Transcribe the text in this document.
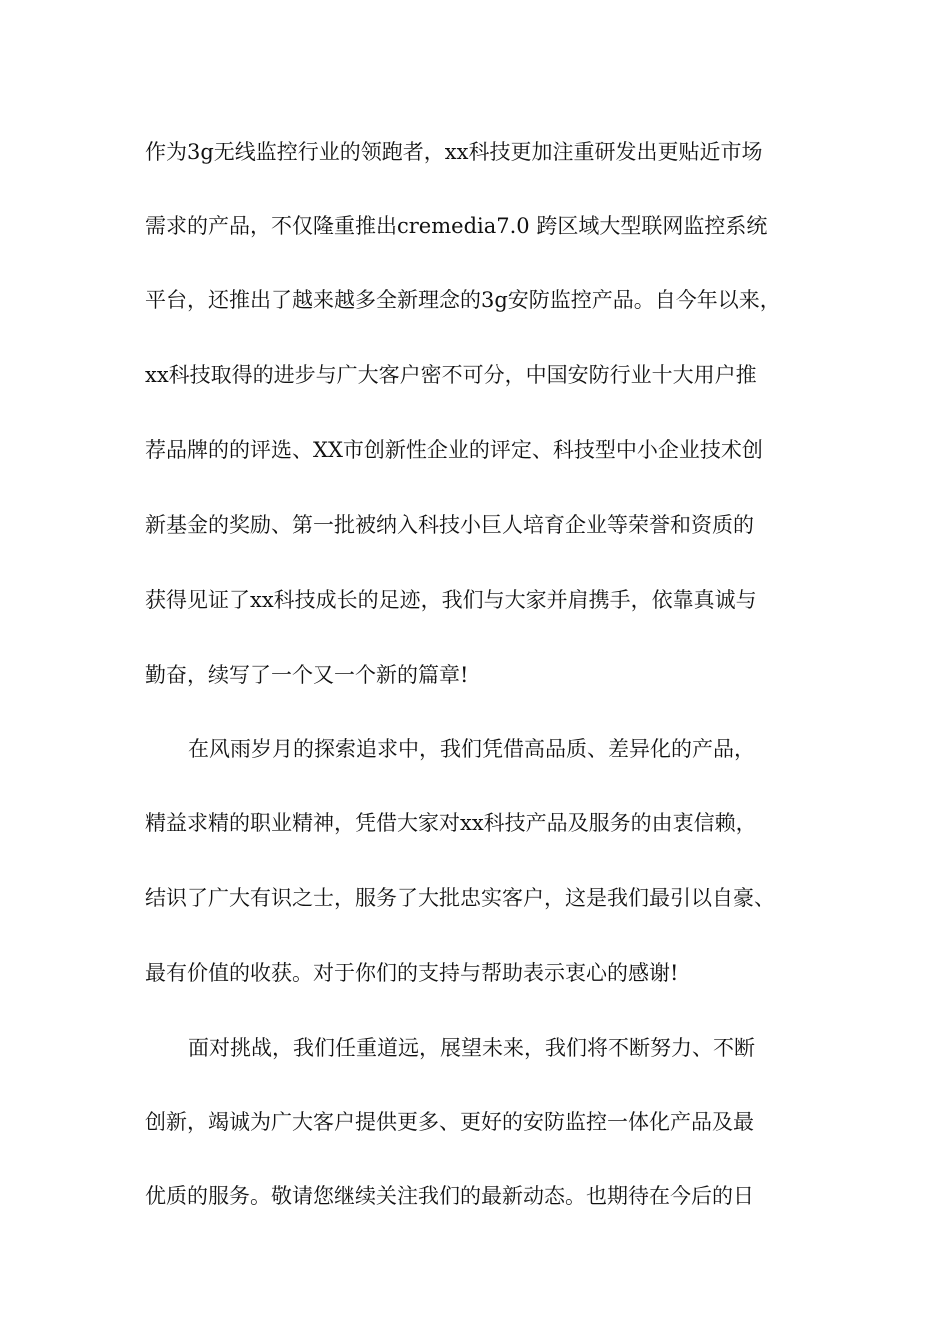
作为3g无线监控行业的领跑者，xx科技更加注重研发出更贴近市场
需求的产品，不仅隆重推出cremedia7.0 跨区域大型联网监控系统
平台，还推出了越来越多全新理念的3g安防监控产品。自今年以来，
xx科技取得的进步与广大客户密不可分，中国安防行业十大用户推
荐品牌的的评选、XX市创新性企业的评定、科技型中小企业技术创
新基金的奖励、第一批被纳入科技小巨人培育企业等荣誉和资质的
获得见证了xx科技成长的足迹，我们与大家并肩携手，依靠真诚与
勤奋，续写了一个又一个新的篇章!
在风雨岁月的探索追求中，我们凭借高品质、差异化的产品，
精益求精的职业精神，凭借大家对xx科技产品及服务的由衷信赖，
结识了广大有识之士，服务了大批忠实客户，这是我们最引以自豪、
最有价值的收获。对于你们的支持与帮助表示衷心的感谢!
面对挑战，我们任重道远，展望未来，我们将不断努力、不断
创新，竭诚为广大客户提供更多、更好的安防监控一体化产品及最
优质的服务。敬请您继续关注我们的最新动态。也期待在今后的日
